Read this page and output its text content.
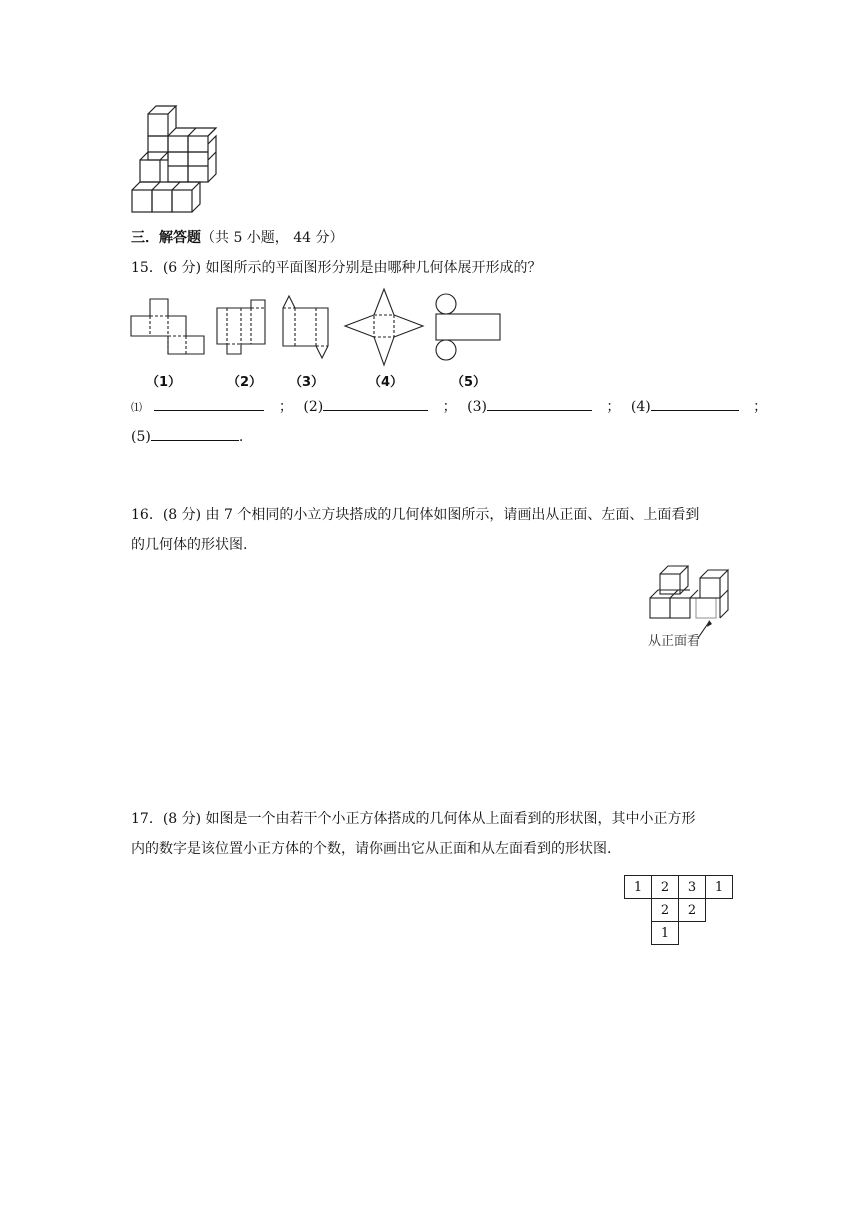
三．解答题（共 5 小题， 44 分）
15．(6 分) 如图所示的平面图形分别是由哪种几何体展开形成的？
（1）	（2） （3）	（4）	（5）
⑴	； (2)	； (3)	； (4)	；
(5)	.
16．(8 分) 由 7 个相同的小立方块搭成的几何体如图所示，请画出从正面、左面、上面看到
的几何体的形状图.
从正面看
17．(8 分) 如图是一个由若干个小正方体搭成的几何体从上面看到的形状图，其中小正方形
内的数字是该位置小正方体的个数，请你画出它从正面和从左面看到的形状图.
1	2	3	1
	2	2	
	1		
